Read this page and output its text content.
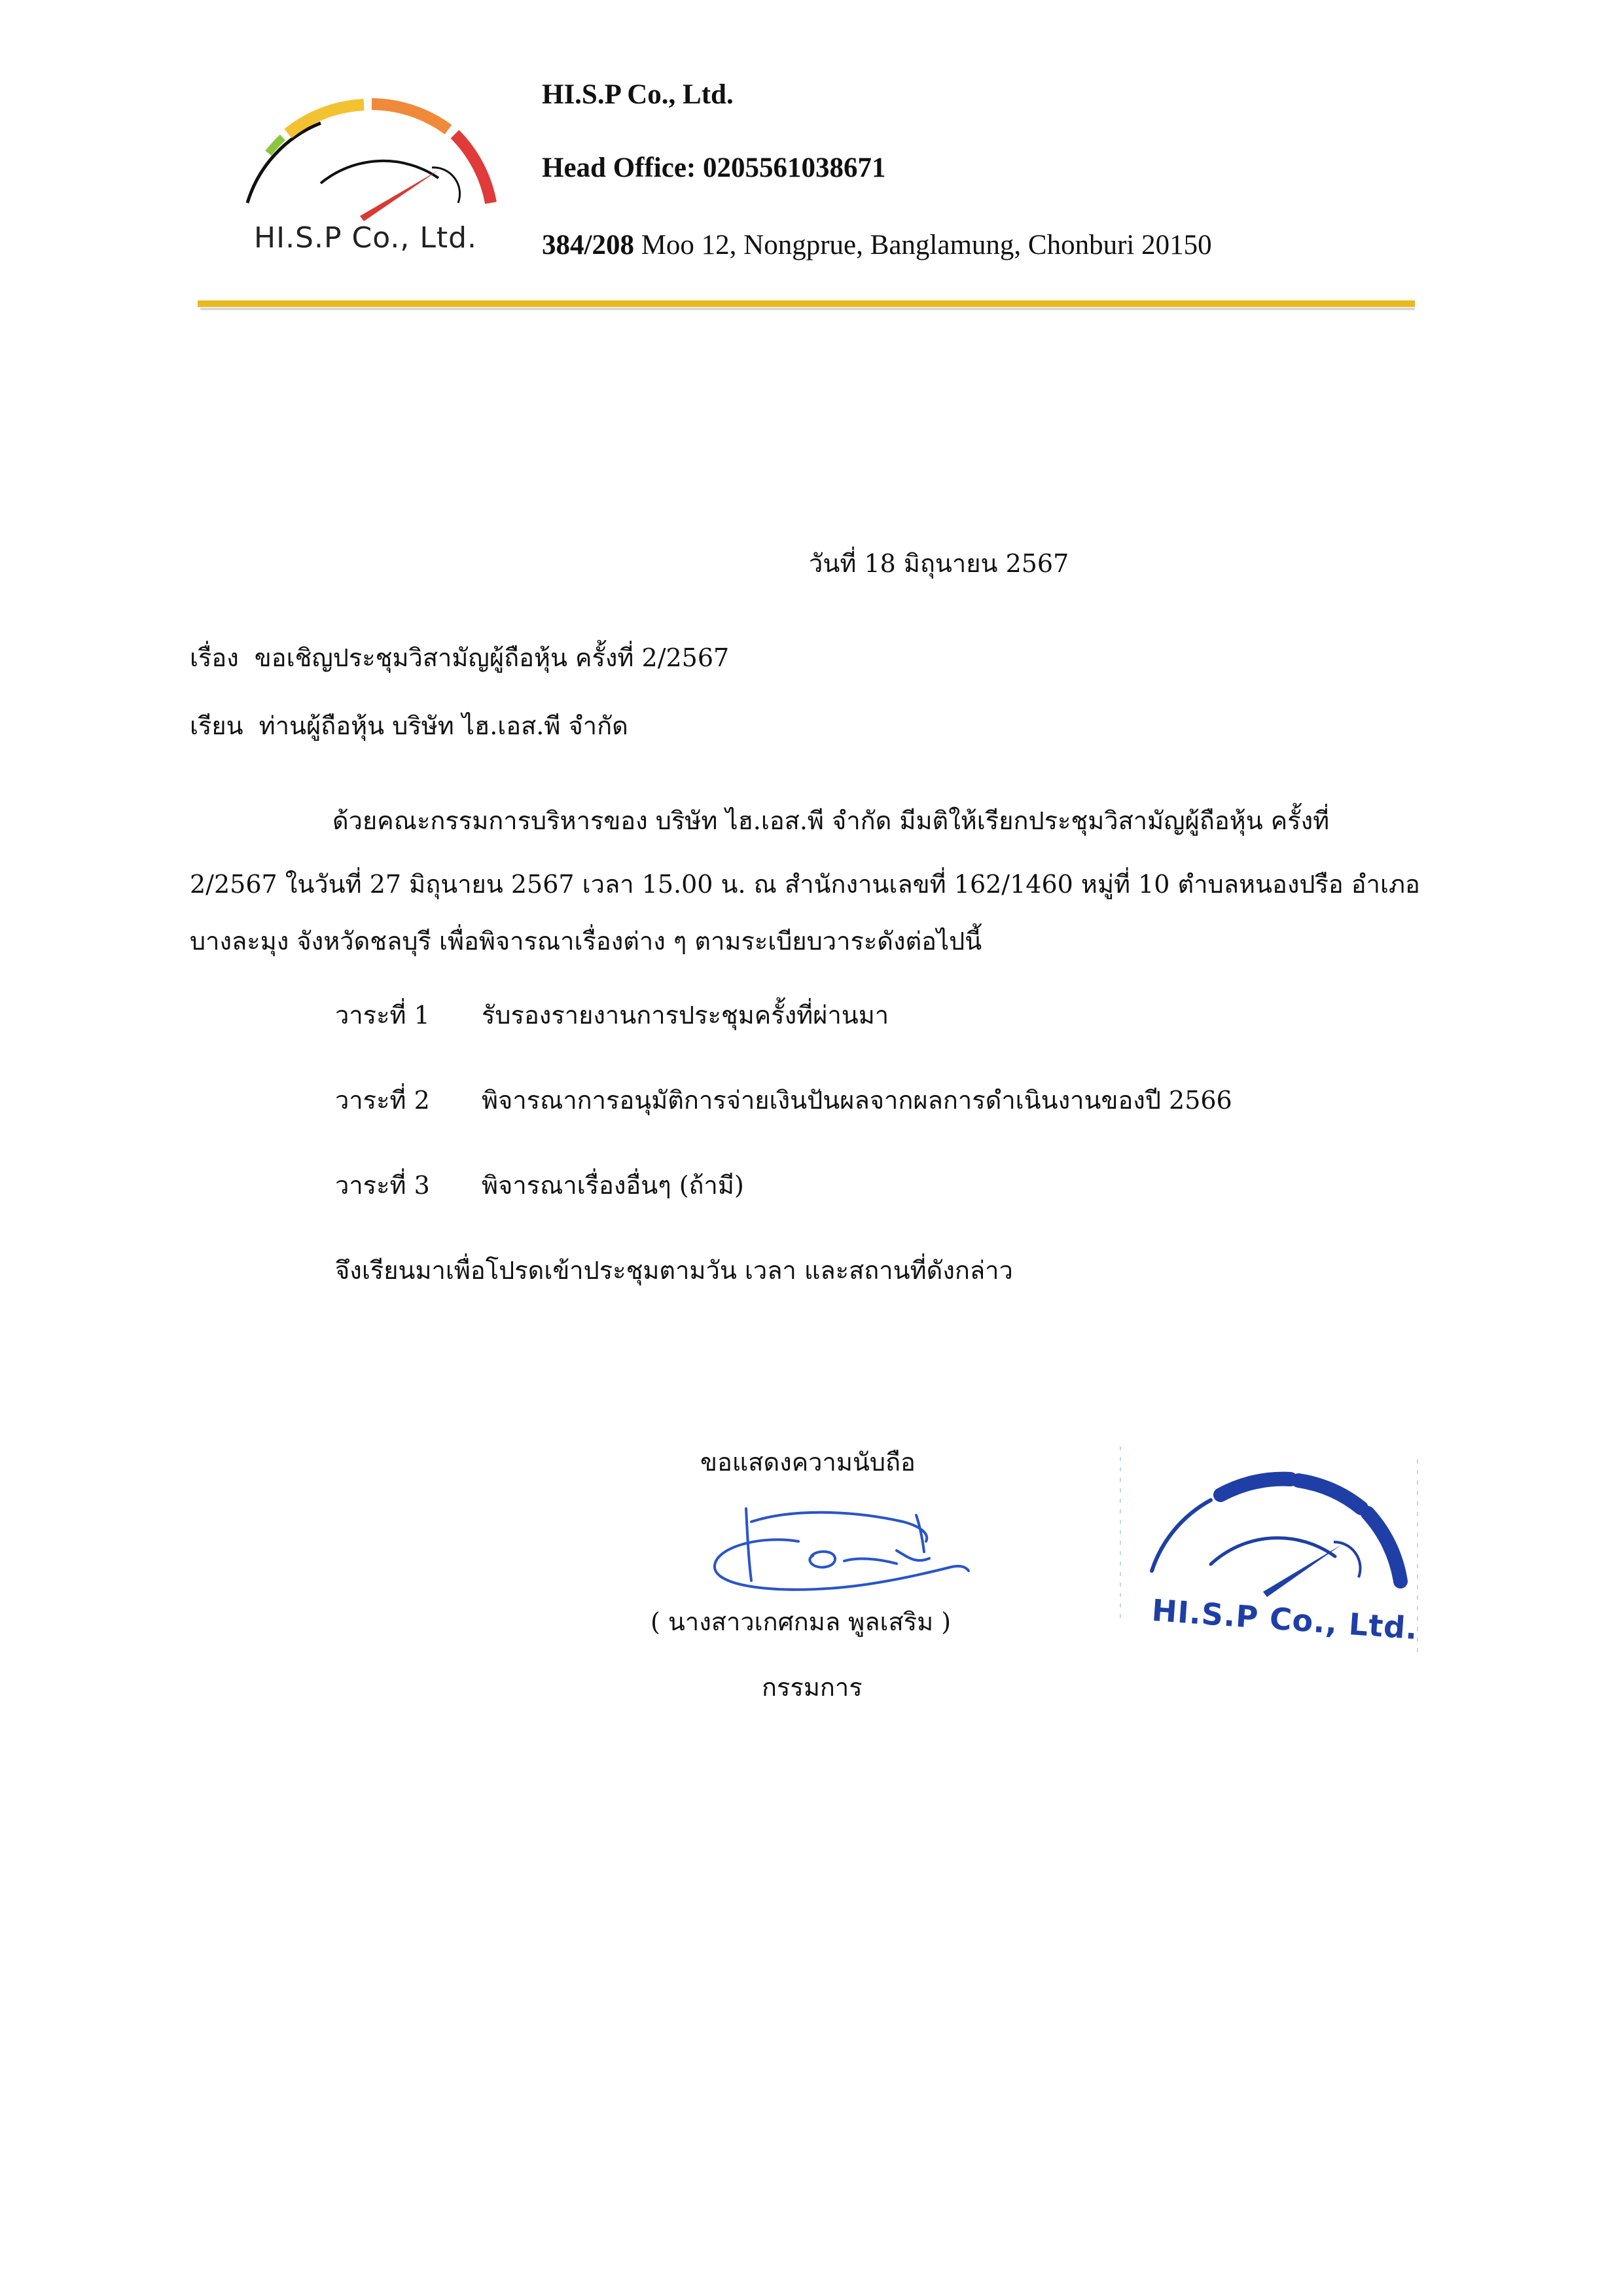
HI.S.P Co., Ltd.
HI.S.P Co., Ltd.
Head Office: 0205561038671
384/208 Moo 12, Nongprue, Banglamung, Chonburi 20150
วันที่ 18 มิถุนายน 2567
เรื่อง ขอเชิญประชุมวิสามัญผู้ถือหุ้น ครั้งที่ 2/2567
เรียน ท่านผู้ถือหุ้น บริษัท ไฮ.เอส.พี จำกัด
ด้วยคณะกรรมการบริหารของ บริษัท ไฮ.เอส.พี จำกัด มีมติให้เรียกประชุมวิสามัญผู้ถือหุ้น ครั้งที่
2/2567 ในวันที่ 27 มิถุนายน 2567 เวลา 15.00 น. ณ สำนักงานเลขที่ 162/1460 หมู่ที่ 10 ตำบลหนองปรือ อำเภอ
บางละมุง จังหวัดชลบุรี เพื่อพิจารณาเรื่องต่าง ๆ ตามระเบียบวาระดังต่อไปนี้
วาระที่ 1 รับรองรายงานการประชุมครั้งที่ผ่านมา
วาระที่ 2 พิจารณาการอนุมัติการจ่ายเงินปันผลจากผลการดำเนินงานของปี 2566
วาระที่ 3 พิจารณาเรื่องอื่นๆ (ถ้ามี)
จึงเรียนมาเพื่อโปรดเข้าประชุมตามวัน เวลา และสถานที่ดังกล่าว
ขอแสดงความนับถือ
( นางสาวเกศกมล พูลเสริม )
กรรมการ
HI.S.P Co., Ltd.
